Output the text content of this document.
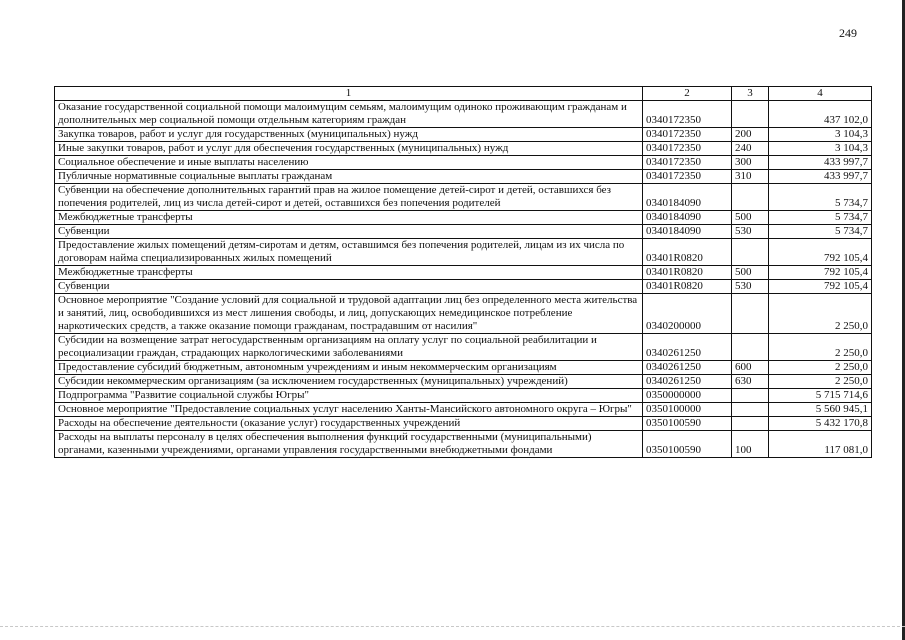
249
1	2	3	4
Оказание государственной социальной помощи малоимущим семьям, малоимущим одиноко проживающим гражданам и дополнительных мер социальной помощи отдельным категориям граждан	0340172350		437 102,0
Закупка товаров, работ и услуг для государственных (муниципальных) нужд	0340172350	200	3 104,3
Иные закупки товаров, работ и услуг для обеспечения государственных (муниципальных) нужд	0340172350	240	3 104,3
Социальное обеспечение и иные выплаты населению	0340172350	300	433 997,7
Публичные нормативные социальные выплаты гражданам	0340172350	310	433 997,7
Субвенции на обеспечение дополнительных гарантий прав на жилое помещение детей-сирот и детей, оставшихся без попечения родителей, лиц из числа детей-сирот и детей, оставшихся без попечения родителей	0340184090		5 734,7
Межбюджетные трансферты	0340184090	500	5 734,7
Субвенции	0340184090	530	5 734,7
Предоставление жилых помещений детям-сиротам и детям, оставшимся без попечения родителей, лицам из их числа по договорам найма специализированных жилых помещений	03401R0820		792 105,4
Межбюджетные трансферты	03401R0820	500	792 105,4
Субвенции	03401R0820	530	792 105,4
Основное мероприятие "Создание условий для социальной и трудовой адаптации лиц без определенного места жительства и занятий, лиц, освободившихся из мест лишения свободы, и лиц, допускающих немедицинское потребление наркотических средств, а также оказание помощи гражданам, пострадавшим от насилия"	0340200000		2 250,0
Субсидии на возмещение затрат негосударственным организациям на оплату услуг по социальной реабилитации и ресоциализации граждан, страдающих наркологическими заболеваниями	0340261250		2 250,0
Предоставление субсидий бюджетным, автономным учреждениям и иным некоммерческим организациям	0340261250	600	2 250,0
Субсидии некоммерческим организациям (за исключением государственных (муниципальных) учреждений)	0340261250	630	2 250,0
Подпрограмма "Развитие социальной службы Югры"	0350000000		5 715 714,6
Основное мероприятие "Предоставление социальных услуг населению Ханты-Мансийского автономного округа – Югры"	0350100000		5 560 945,1
Расходы на обеспечение деятельности (оказание услуг) государственных учреждений	0350100590		5 432 170,8
Расходы на выплаты персоналу в целях обеспечения выполнения функций государственными (муниципальными) органами, казенными учреждениями, органами управления государственными внебюджетными фондами	0350100590	100	117 081,0
